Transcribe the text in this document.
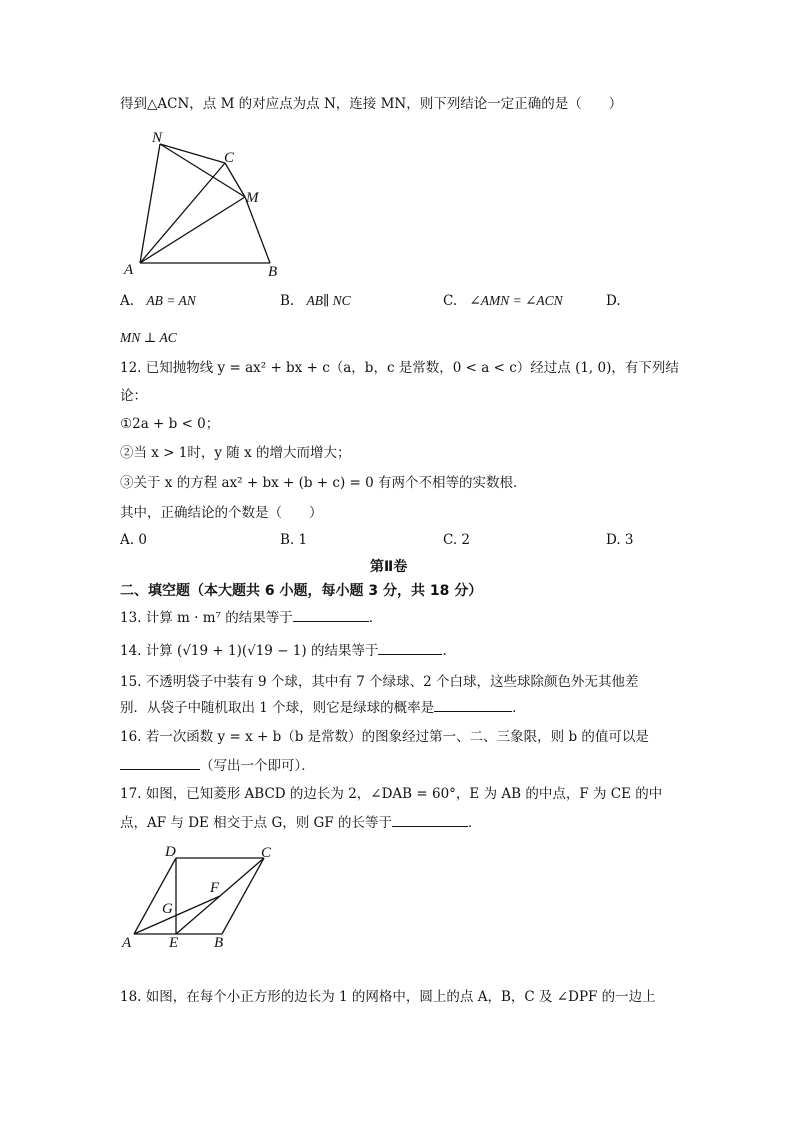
得到△ACN，点 M 的对应点为点 N，连接 MN，则下列结论一定正确的是（　　）
N
C
M
A	B
A. AB = AN	B. AB∥ NC	C. ∠AMN = ∠ACN	D.
MN ⊥ AC
12. 已知抛物线 y = ax² + bx + c（a，b，c 是常数，0 < a < c）经过点 (1, 0)，有下列结
论：
①2a + b < 0；
②当 x > 1时，y 随 x 的增大而增大；
③关于 x 的方程 ax² + bx + (b + c) = 0 有两个不相等的实数根．
其中，正确结论的个数是（　　）
A. 0	B. 1	C. 2	D. 3
第Ⅱ卷
二、填空题（本大题共 6 小题，每小题 3 分，共 18 分）
13. 计算 m · m⁷ 的结果等于	．
14. 计算 (√19 + 1)(√19 − 1) 的结果等于	．
15. 不透明袋子中装有 9 个球，其中有 7 个绿球、2 个白球，这些球除颜色外无其他差
别．从袋子中随机取出 1 个球，则它是绿球的概率是	．
16. 若一次函数 y = x + b（b 是常数）的图象经过第一、二、三象限，则 b 的值可以是
（写出一个即可）．
17. 如图，已知菱形 ABCD 的边长为 2，∠DAB = 60°，E 为 AB 的中点，F 为 CE 的中
点，AF 与 DE 相交于点 G，则 GF 的长等于	．
D	C
F
G
A	E B
18. 如图，在每个小正方形的边长为 1 的网格中，圆上的点 A，B，C 及 ∠DPF 的一边上
